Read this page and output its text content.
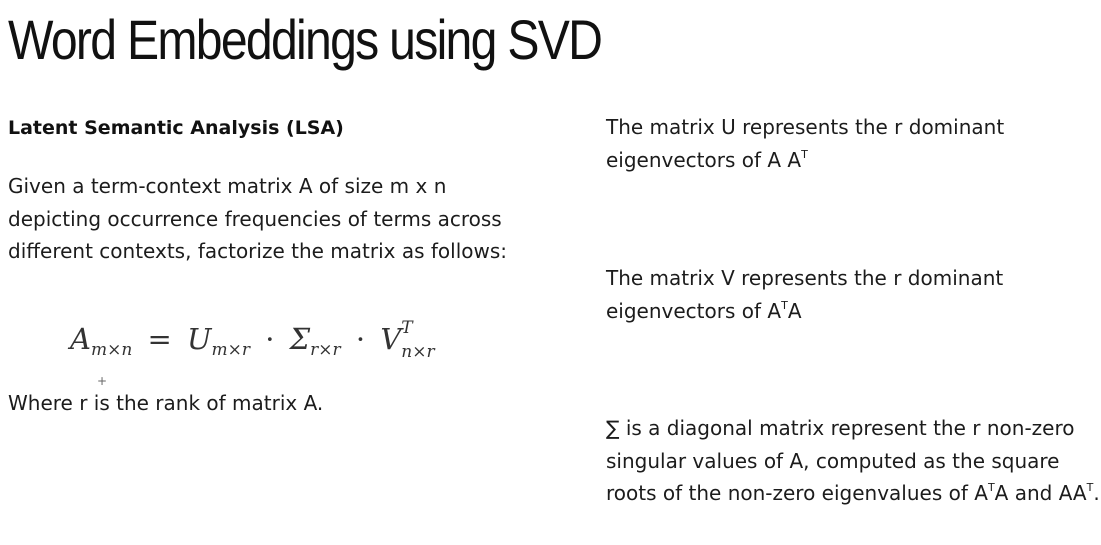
Word Embeddings using SVD

Latent Semantic Analysis (LSA)

Given a term-context matrix A of size m x n depicting occurrence frequencies of terms across different contexts, factorize the matrix as follows:

$A_{m\times n} = U_{m\times r} \cdot \Sigma_{r\times r} \cdot V$ T
n×r
+

Where r is the rank of matrix A.

The matrix U represents the r dominant eigenvectors of A $A^T$

The matrix V represents the r dominant eigenvectors of $A^TA$

∑ is a diagonal matrix represent the r non-zero singular values of A, computed as the square roots of the non-zero eigenvalues of $A^TA$ and $AA^T$.
